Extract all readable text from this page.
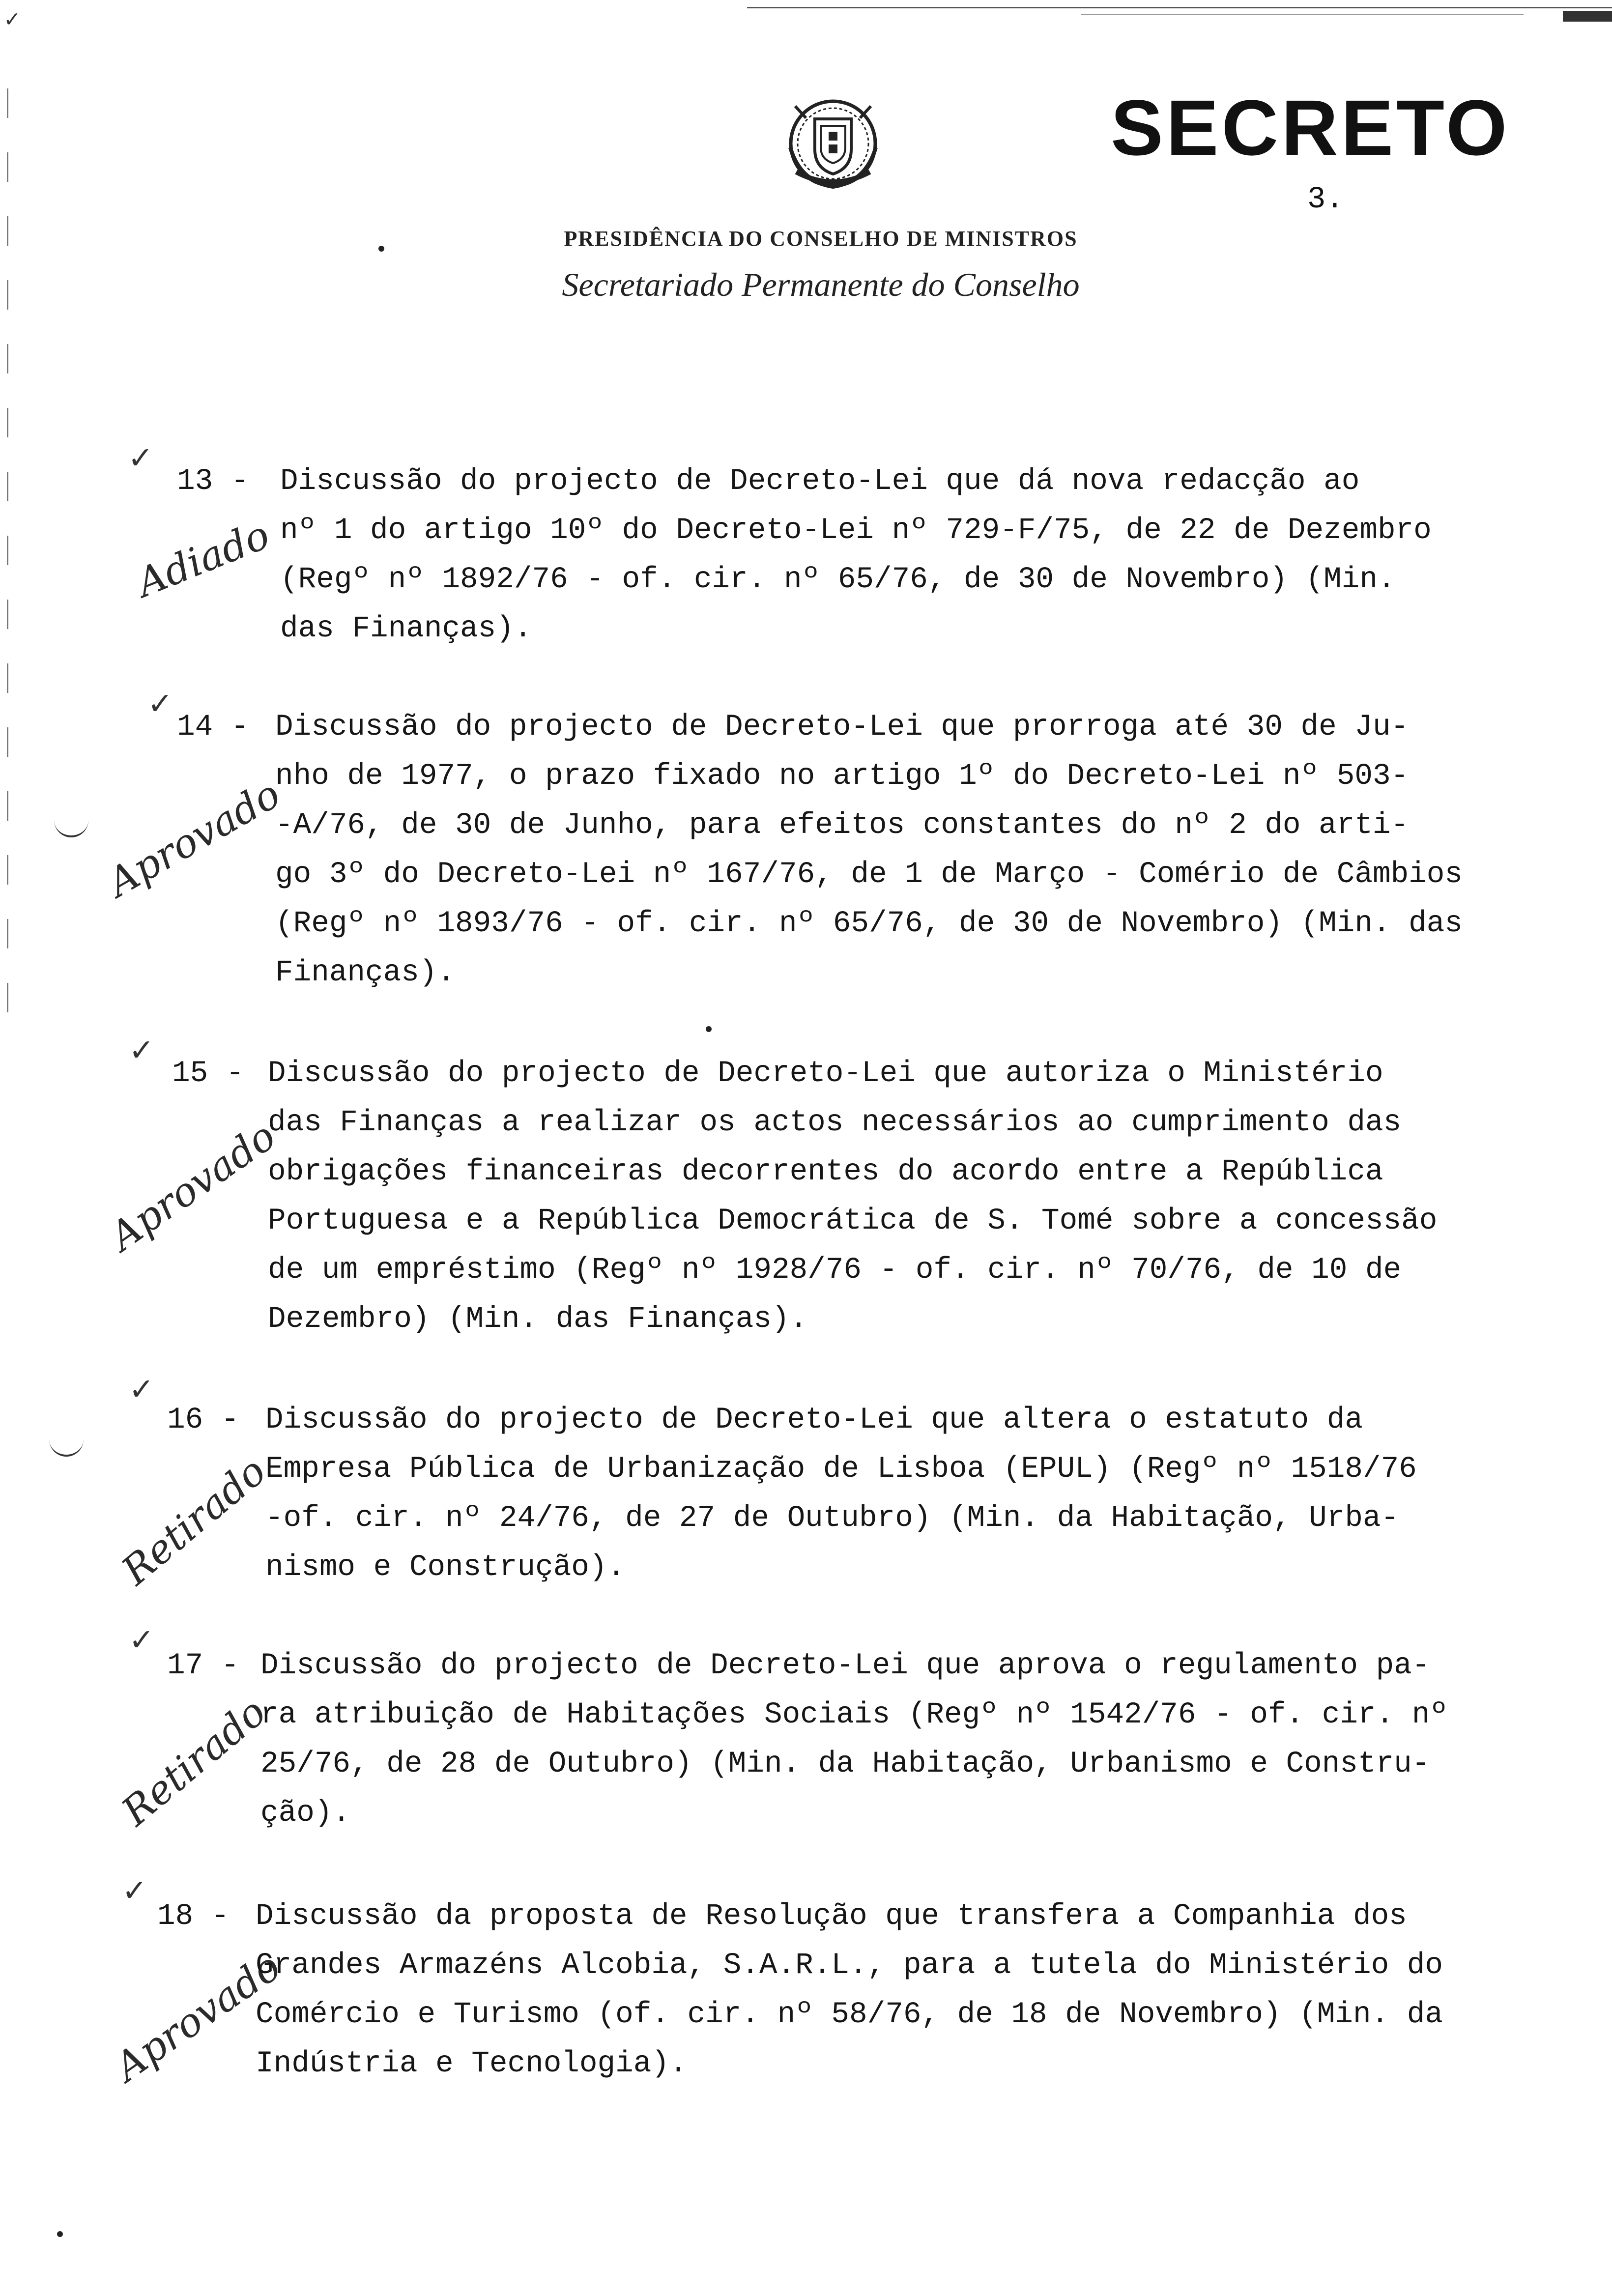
✓
SECRETO
3.
PRESIDÊNCIA DO CONSELHO DE MINISTROS
Secretariado Permanente do Conselho
✓
Adiado
13 - Discussão do projecto de Decreto-Lei que dá nova redacção ao
nº 1 do artigo 10º do Decreto-Lei nº 729-F/75, de 22 de Dezembro
(Regº nº 1892/76 - of. cir. nº 65/76, de 30 de Novembro) (Min.
das Finanças).
✓
Aprovado
14 - Discussão do projecto de Decreto-Lei que prorroga até 30 de Ju-
nho de 1977, o prazo fixado no artigo 1º do Decreto-Lei nº 503-
-A/76, de 30 de Junho, para efeitos constantes do nº 2 do arti-
go 3º do Decreto-Lei nº 167/76, de 1 de Março - Comério de Câmbios
(Regº nº 1893/76 - of. cir. nº 65/76, de 30 de Novembro) (Min. das
Finanças).
✓
Aprovado
15 - Discussão do projecto de Decreto-Lei que autoriza o Ministério
das Finanças a realizar os actos necessários ao cumprimento das
obrigações financeiras decorrentes do acordo entre a República
Portuguesa e a República Democrática de S. Tomé sobre a concessão
de um empréstimo (Regº nº 1928/76 - of. cir. nº 70/76, de 10 de
Dezembro) (Min. das Finanças).
✓
Retirado
16 - Discussão do projecto de Decreto-Lei que altera o estatuto da
Empresa Pública de Urbanização de Lisboa (EPUL) (Regº nº 1518/76
-of. cir. nº 24/76, de 27 de Outubro) (Min. da Habitação, Urba-
nismo e Construção).
✓
Retirado
17 - Discussão do projecto de Decreto-Lei que aprova o regulamento pa-
ra atribuição de Habitações Sociais (Regº nº 1542/76 - of. cir. nº
25/76, de 28 de Outubro) (Min. da Habitação, Urbanismo e Constru-
ção).
✓
Aprovado
18 - Discussão da proposta de Resolução que transfera a Companhia dos
Grandes Armazéns Alcobia, S.A.R.L., para a tutela do Ministério do
Comércio e Turismo (of. cir. nº 58/76, de 18 de Novembro) (Min. da
Indústria e Tecnologia).
